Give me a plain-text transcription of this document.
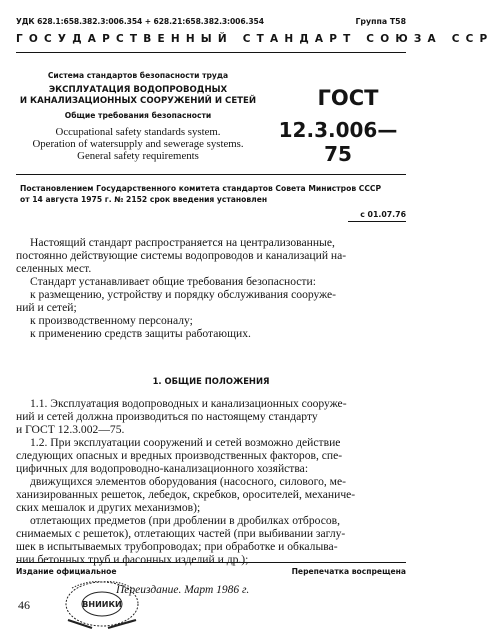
УДК 628.1:658.382.3:006.354 + 628.21:658.382.3:006.354	Группа Т58
ГОСУДАРСТВЕННЫЙ СТАНДАРТ СОЮЗА ССР
Система стандартов безопасности труда
ЭКСПЛУАТАЦИЯ ВОДОПРОВОДНЫХ
И КАНАЛИЗАЦИОННЫХ СООРУЖЕНИЙ И СЕТЕЙ
Общие требования безопасности
Occupational safety standards system.
Operation of watersupply and sewerage systems.
General safety requirements
ГОСТ
12.3.006—75
Постановлением Государственного комитета стандартов Совета Министров СССР
от 14 августа 1975 г. № 2152 срок введения установлен
с 01.07.76
Настоящий стандарт распространяется на централизованные,
постоянно действующие системы водопроводов и канализаций на-
селенных мест.
Стандарт устанавливает общие требования безопасности:
к размещению, устройству и порядку обслуживания сооруже-
ний и сетей;
к производственному персоналу;
к применению средств защиты работающих.
1. ОБЩИЕ ПОЛОЖЕНИЯ
1.1. Эксплуатация водопроводных и канализационных сооруже-
ний и сетей должна производиться по настоящему стандарту
и ГОСТ 12.3.002—75.
1.2. При эксплуатации сооружений и сетей возможно действие
следующих опасных и вредных производственных факторов, спе-
цифичных для водопроводно-канализационного хозяйства:
движущихся элементов оборудования (насосного, силового, ме-
ханизированных решеток, лебедок, скребков, оросителей, механиче-
ских мешалок и других механизмов);
отлетающих предметов (при дроблении в дробилках отбросов,
снимаемых с решеток), отлетающих частей (при выбивании заглу-
шек в испытываемых трубопроводах; при обработке и обкалыва-
нии бетонных труб и фасонных изделий и др.);
Издание официальное	Перепечатка воспрещена
46	ВНИИКИ
Переиздание. Март 1986 г.
